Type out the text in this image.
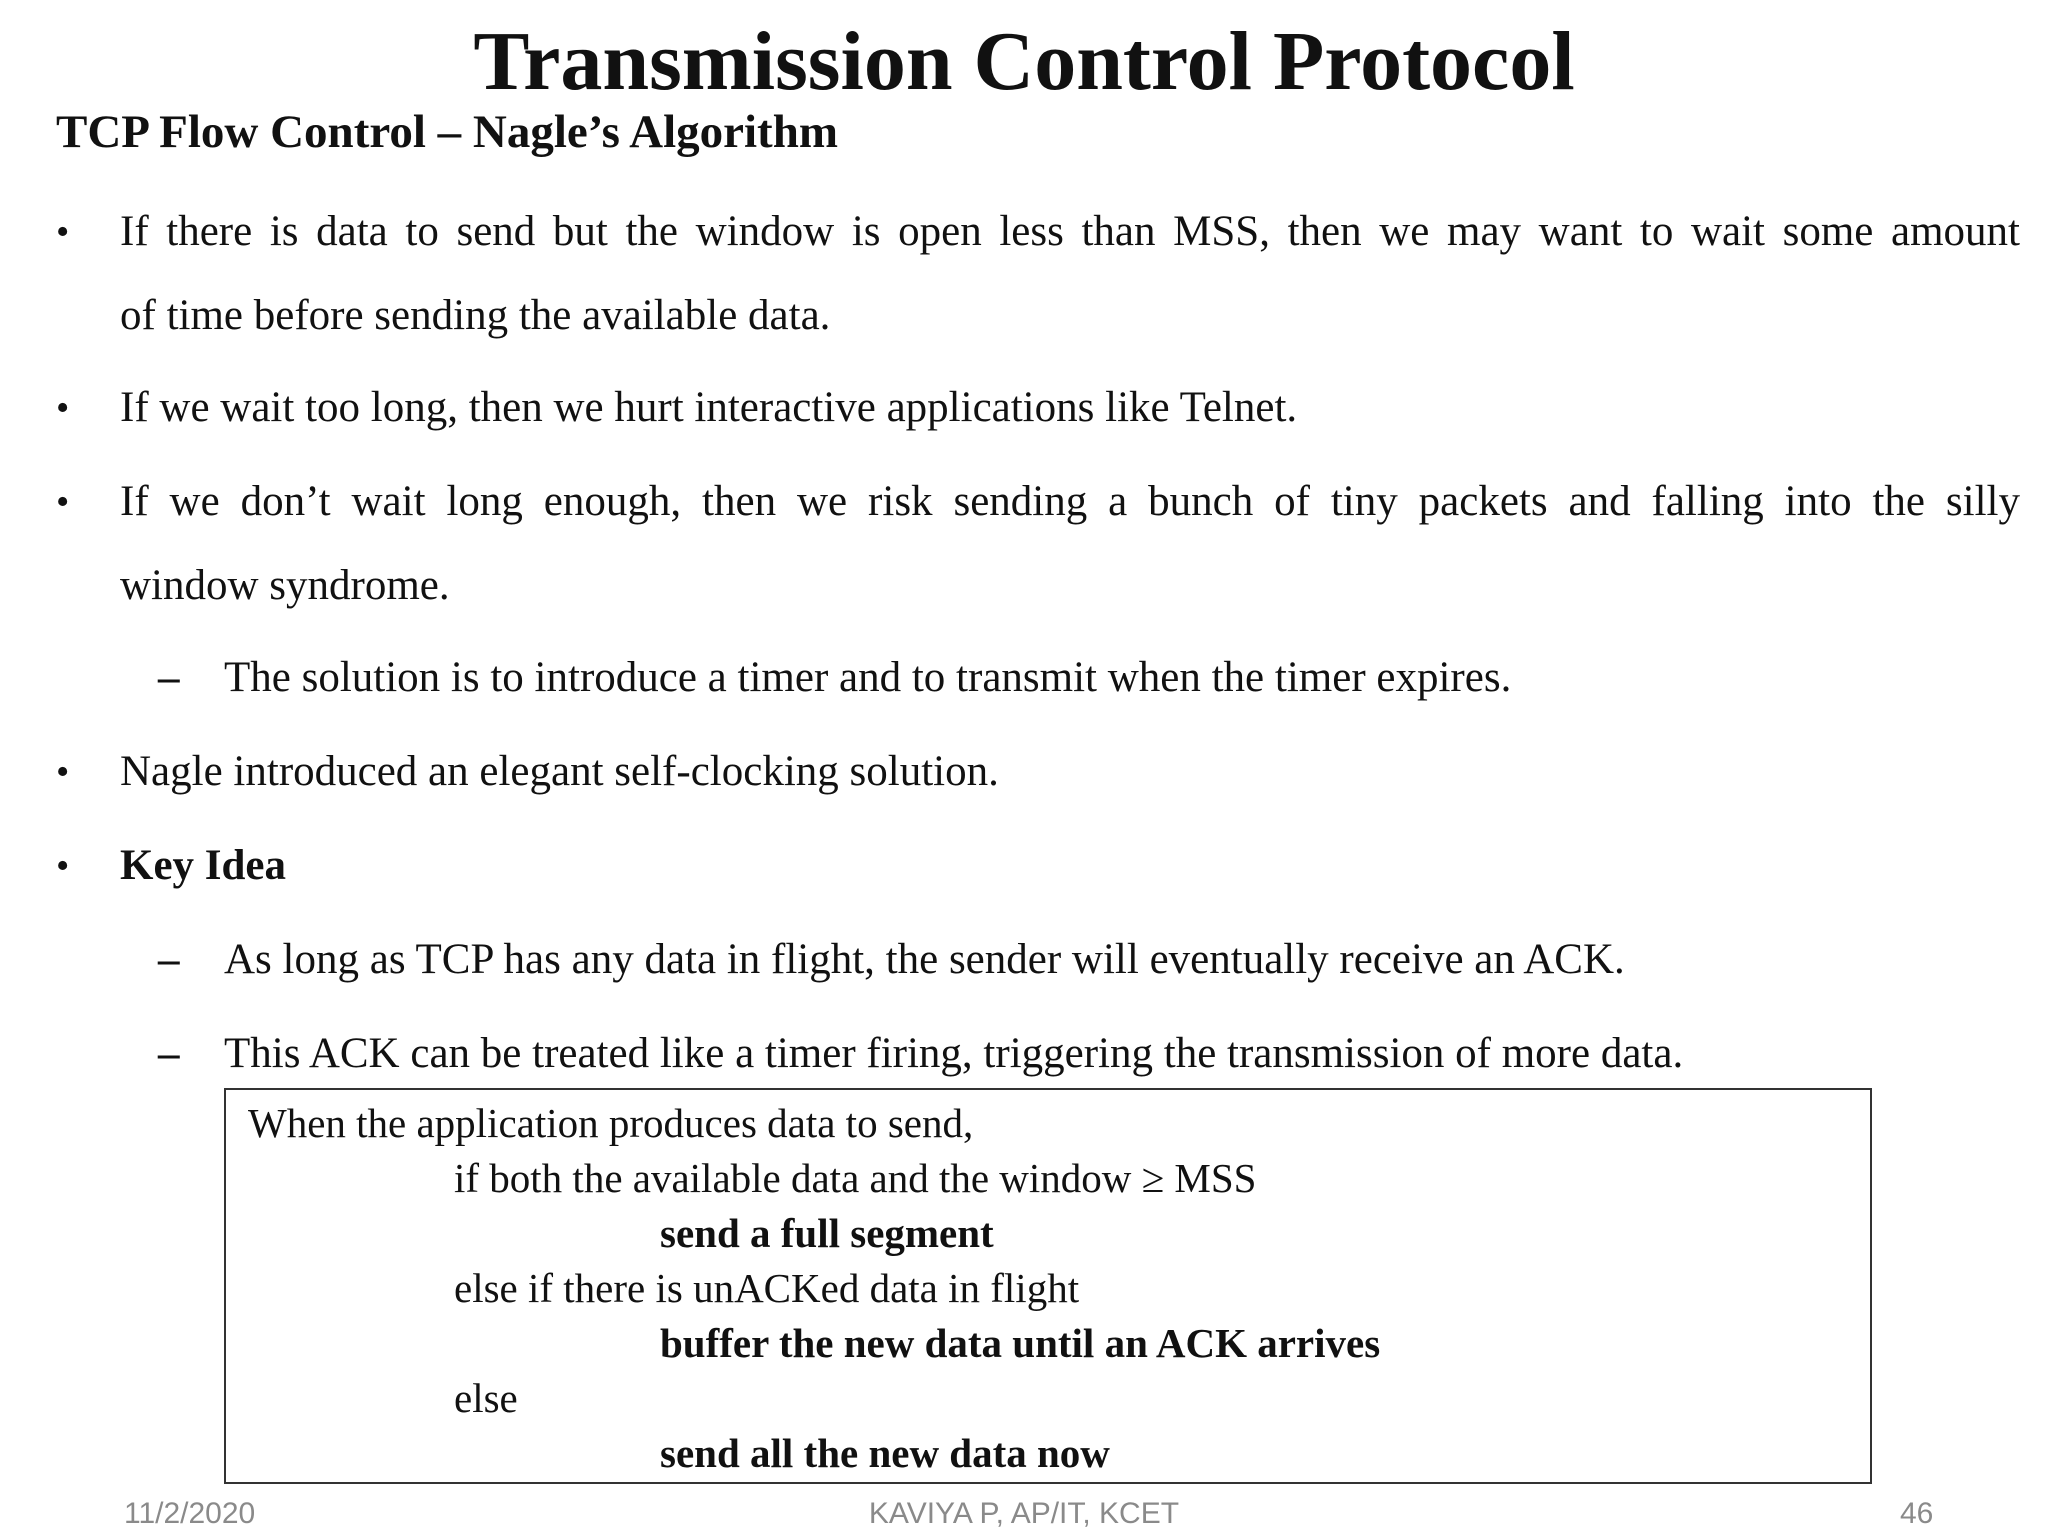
Transmission Control Protocol
TCP Flow Control – Nagle’s Algorithm
• If there is data to send but the window is open less than MSS, then we may want to wait some amount
of time before sending the available data.
• If we wait too long, then we hurt interactive applications like Telnet.
• If we don’t wait long enough, then we risk sending a bunch of tiny packets and falling into the silly
window syndrome.
– The solution is to introduce a timer and to transmit when the timer expires.
• Nagle introduced an elegant self-clocking solution.
• Key Idea
– As long as TCP has any data in flight, the sender will eventually receive an ACK.
– This ACK can be treated like a timer firing, triggering the transmission of more data.
When the application produces data to send,
if both the available data and the window ≥ MSS
send a full segment
else if there is unACKed data in flight
buffer the new data until an ACK arrives
else
send all the new data now
11/2/2020	KAVIYA P, AP/IT, KCET	46
